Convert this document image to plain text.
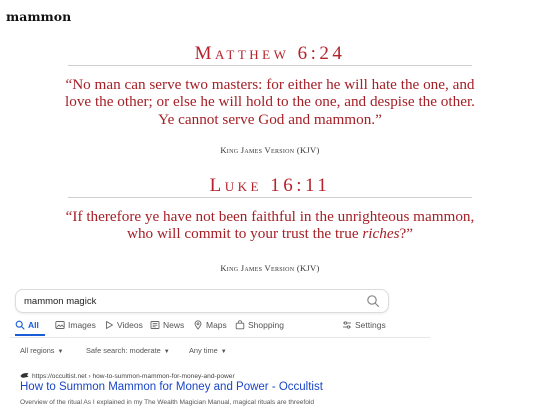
mammon
Matthew 6:24
“No man can serve two masters: for either he will hate the one, and love the other; or else he will hold to the one, and despise the other. Ye cannot serve God and mammon.”
King James Version (KJV)
Luke 16:11
“If therefore ye have not been faithful in the unrighteous mammon, who will commit to your trust the true riches?”
King James Version (KJV)
mammon magick
All	Images Videos News	Maps Shopping	Settings
All regions ▼	Safe search: moderate ▼	Any time ▼
https://occultist.net › how-to-summon-mammon-for-money-and-power
How to Summon Mammon for Money and Power - Occultist
Overview of the ritual As I explained in my The Wealth Magician Manual, magical rituals are threefold
